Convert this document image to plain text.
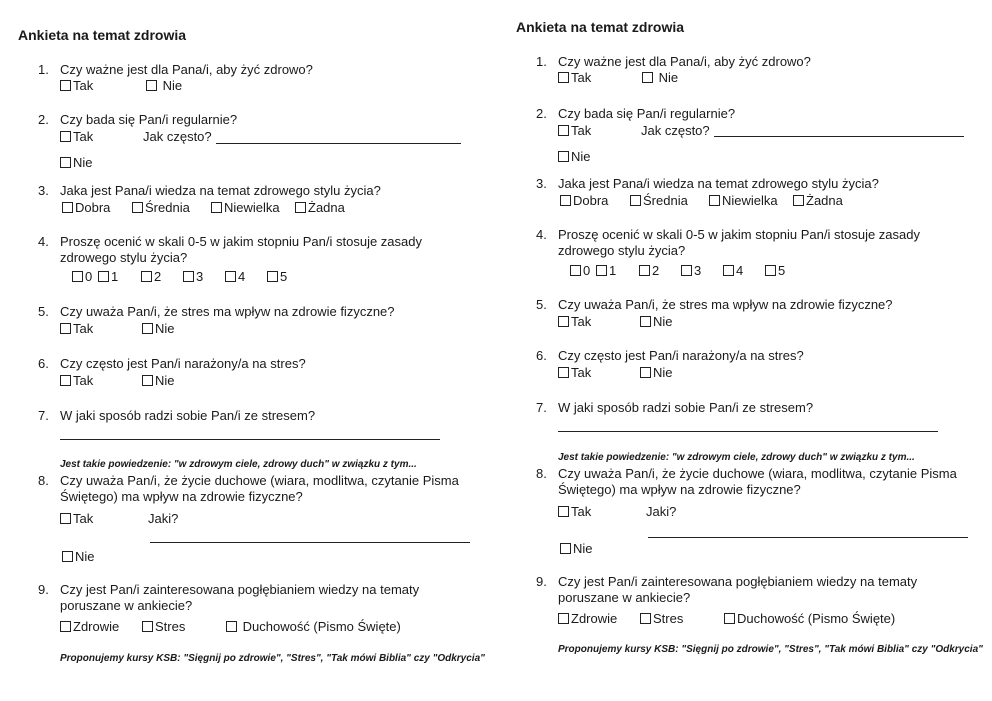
Ankieta na temat zdrowia
1. Czy ważne jest dla Pana/i, aby żyć zdrowo?
Tak	Nie
2. Czy bada się Pan/i regularnie?
Tak	Jak często?
Nie
3. Jaka jest Pana/i wiedza na temat zdrowego stylu życia?
Dobra	Średnia	Niewielka	Żadna
4. Proszę ocenić w skali 0-5 w jakim stopniu Pan/i stosuje zasady zdrowego stylu życia?
0	1	2	3	4	5
5. Czy uważa Pan/i, że stres ma wpływ na zdrowie fizyczne?
Tak	Nie
6. Czy często jest Pan/i narażony/a na stres?
Tak	Nie
7. W jaki sposób radzi sobie Pan/i ze stresem?
Jest takie powiedzenie: "w zdrowym ciele, zdrowy duch" w związku z tym...
8. Czy uważa Pan/i, że życie duchowe (wiara, modlitwa, czytanie Pisma Świętego) ma wpływ na zdrowie fizyczne?
Tak	Jaki?
Nie
9. Czy jest Pan/i zainteresowana pogłębianiem wiedzy na tematy poruszane w ankiecie?
Zdrowie	Stres	Duchowość (Pismo Święte)
Proponujemy kursy KSB: "Sięgnij po zdrowie", "Stres", "Tak mówi Biblia" czy "Odkrycia"
Ankieta na temat zdrowia
1. Czy ważne jest dla Pana/i, aby żyć zdrowo?
Tak	Nie
2. Czy bada się Pan/i regularnie?
Tak	Jak często?
Nie
3. Jaka jest Pana/i wiedza na temat zdrowego stylu życia?
Dobra	Średnia	Niewielka	Żadna
4. Proszę ocenić w skali 0-5 w jakim stopniu Pan/i stosuje zasady zdrowego stylu życia?
0	1	2	3	4	5
5. Czy uważa Pan/i, że stres ma wpływ na zdrowie fizyczne?
Tak	Nie
6. Czy często jest Pan/i narażony/a na stres?
Tak	Nie
7. W jaki sposób radzi sobie Pan/i ze stresem?
Jest takie powiedzenie: "w zdrowym ciele, zdrowy duch" w związku z tym...
8. Czy uważa Pan/i, że życie duchowe (wiara, modlitwa, czytanie Pisma Świętego) ma wpływ na zdrowie fizyczne?
Tak	Jaki?
Nie
9. Czy jest Pan/i zainteresowana pogłębianiem wiedzy na tematy poruszane w ankiecie?
Zdrowie	Stres	Duchowość (Pismo Święte)
Proponujemy kursy KSB: "Sięgnij po zdrowie", "Stres", "Tak mówi Biblia" czy "Odkrycia"
